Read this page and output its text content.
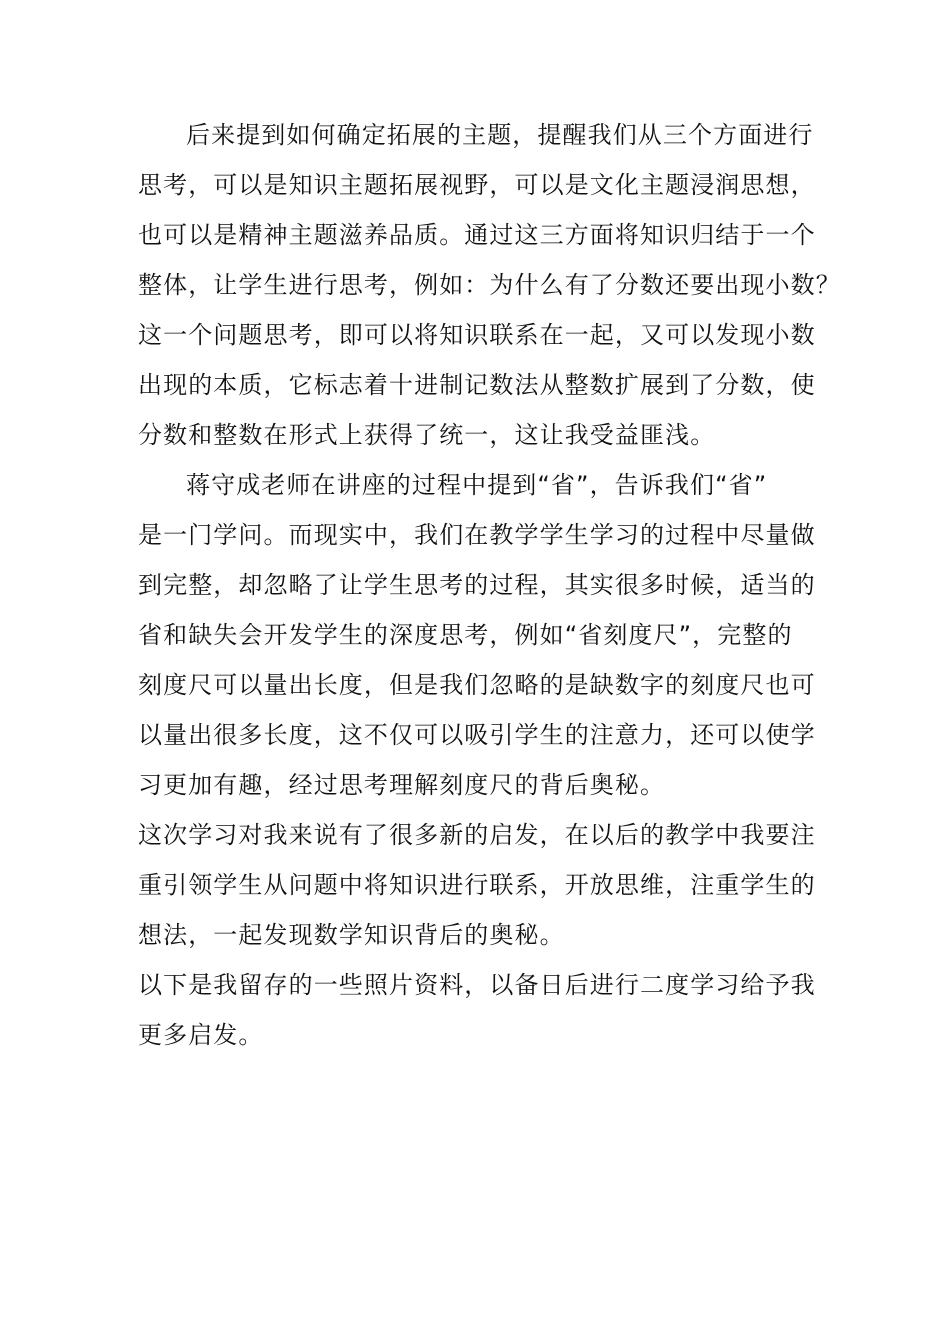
后来提到如何确定拓展的主题，提醒我们从三个方面进行
思考，可以是知识主题拓展视野，可以是文化主题浸润思想，
也可以是精神主题滋养品质。通过这三方面将知识归结于一个
整体，让学生进行思考，例如：为什么有了分数还要出现小数？
这一个问题思考，即可以将知识联系在一起，又可以发现小数
出现的本质，它标志着十进制记数法从整数扩展到了分数，使
分数和整数在形式上获得了统一，这让我受益匪浅。

蒋守成老师在讲座的过程中提到“省”，告诉我们“省”
是一门学问。而现实中，我们在教学学生学习的过程中尽量做
到完整，却忽略了让学生思考的过程，其实很多时候，适当的
省和缺失会开发学生的深度思考，例如“省刻度尺”，完整的
刻度尺可以量出长度，但是我们忽略的是缺数字的刻度尺也可
以量出很多长度，这不仅可以吸引学生的注意力，还可以使学
习更加有趣，经过思考理解刻度尺的背后奥秘。

这次学习对我来说有了很多新的启发，在以后的教学中我要注
重引领学生从问题中将知识进行联系，开放思维，注重学生的
想法，一起发现数学知识背后的奥秘。

以下是我留存的一些照片资料，以备日后进行二度学习给予我
更多启发。
